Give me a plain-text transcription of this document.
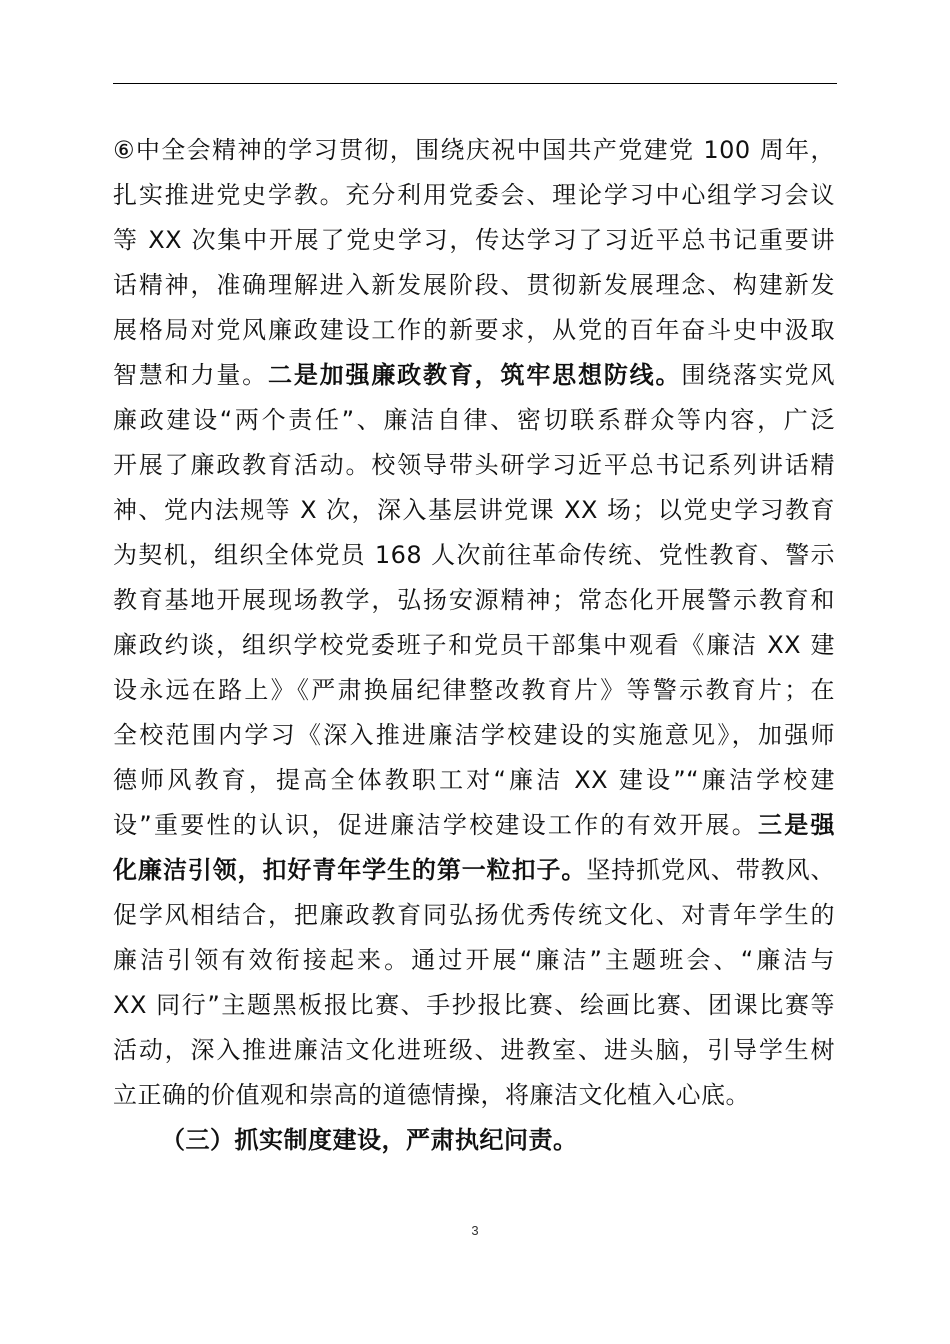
⑥中全会精神的学习贯彻，围绕庆祝中国共产党建党 100 周年，
扎实推进党史学教。充分利用党委会、理论学习中心组学习会议
等 XX 次集中开展了党史学习，传达学习了习近平总书记重要讲
话精神，准确理解进入新发展阶段、贯彻新发展理念、构建新发
展格局对党风廉政建设工作的新要求，从党的百年奋斗史中汲取
智慧和力量。二是加强廉政教育，筑牢思想防线。围绕落实党风
廉政建设“两个责任”、廉洁自律、密切联系群众等内容，广泛
开展了廉政教育活动。校领导带头研学习近平总书记系列讲话精
神、党内法规等 X 次，深入基层讲党课 XX 场；以党史学习教育
为契机，组织全体党员 168 人次前往革命传统、党性教育、警示
教育基地开展现场教学，弘扬安源精神；常态化开展警示教育和
廉政约谈，组织学校党委班子和党员干部集中观看《廉洁 XX 建
设永远在路上》《严肃换届纪律整改教育片》等警示教育片；在
全校范围内学习《深入推进廉洁学校建设的实施意见》，加强师
德师风教育，提高全体教职工对“廉洁 XX 建设”“廉洁学校建
设”重要性的认识，促进廉洁学校建设工作的有效开展。三是强
化廉洁引领，扣好青年学生的第一粒扣子。坚持抓党风、带教风、
促学风相结合，把廉政教育同弘扬优秀传统文化、对青年学生的
廉洁引领有效衔接起来。通过开展“廉洁”主题班会、“廉洁与
XX 同行”主题黑板报比赛、手抄报比赛、绘画比赛、团课比赛等
活动，深入推进廉洁文化进班级、进教室、进头脑，引导学生树
立正确的价值观和崇高的道德情操，将廉洁文化植入心底。
（三）抓实制度建设，严肃执纪问责。
3
